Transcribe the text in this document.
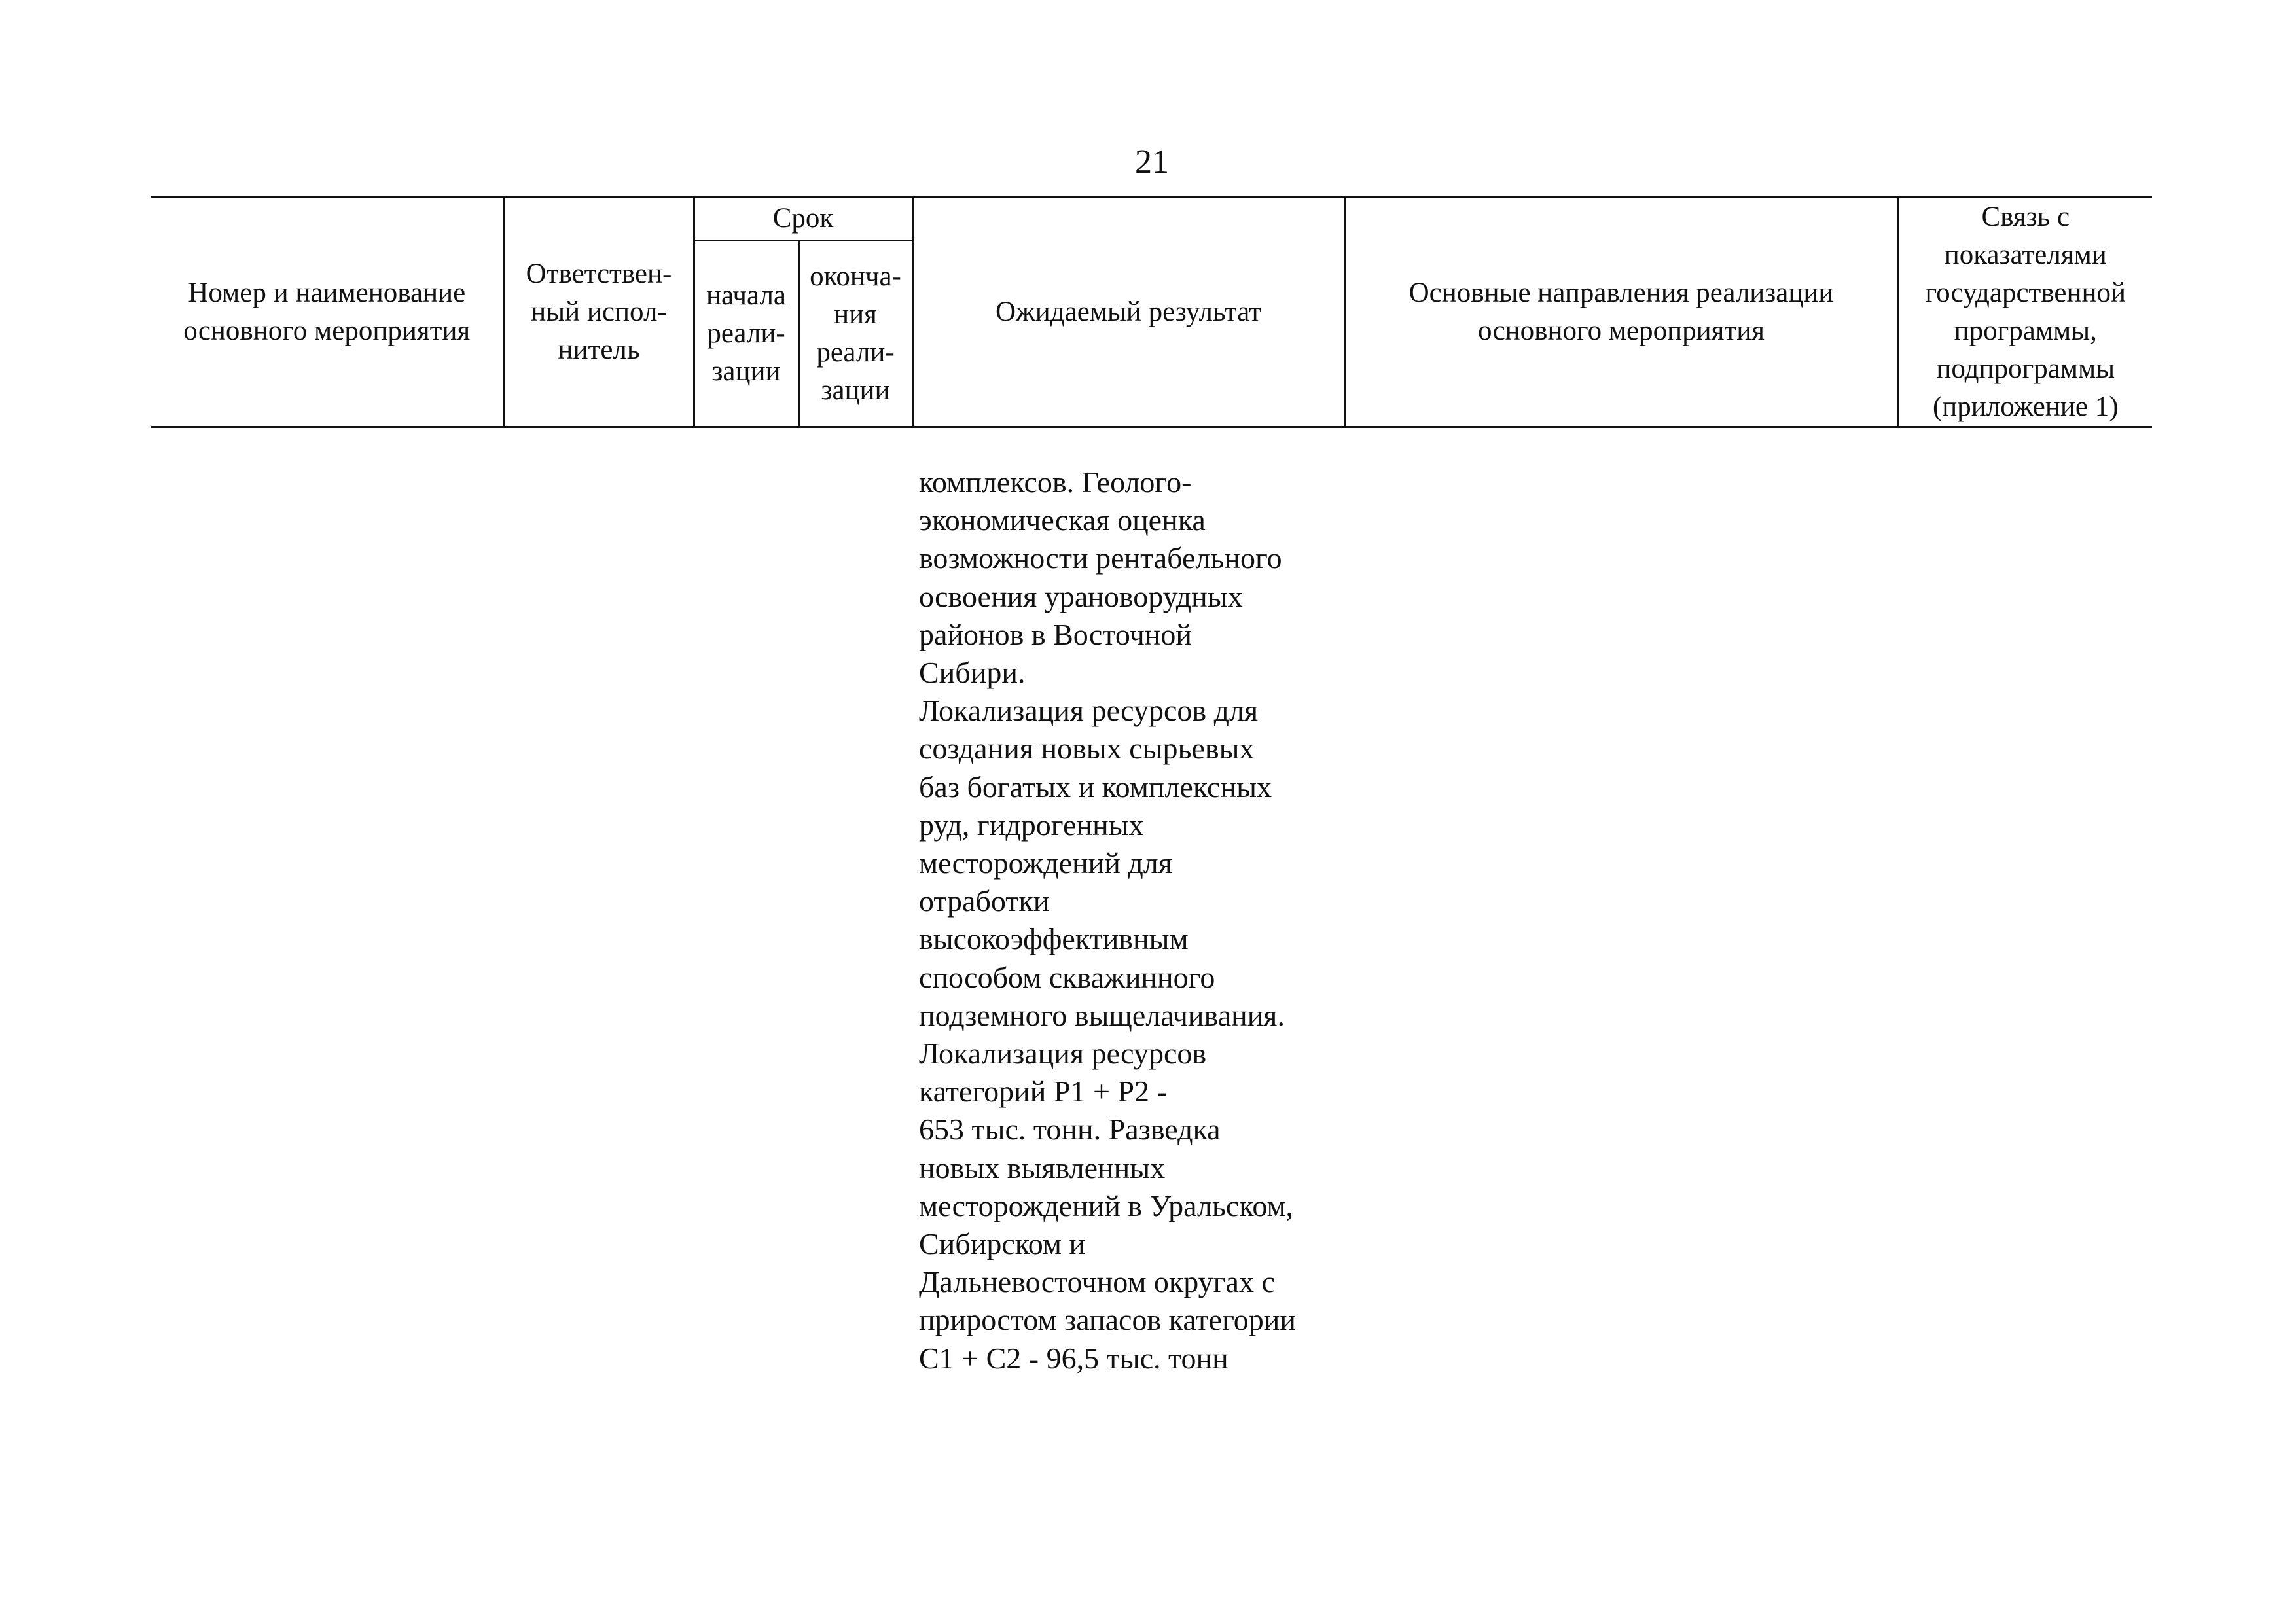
21
Номер и наименование основного мероприятия	Ответствен-ный испол-нитель	Срок		Ожидаемый результат	Основные направления реализации основного мероприятия	Связь с показателями государственной программы, подпрограммы (приложение 1)
		начала реали-зации	оконча-ния реали-зации			

комплексов. Геолого-
экономическая оценка
возможности рентабельного
освоения урановорудных
районов в Восточной
Сибири.
Локализация ресурсов для
создания новых сырьевых
баз богатых и комплексных
руд, гидрогенных
месторождений для
отработки
высокоэффективным
способом скважинного
подземного выщелачивания.
Локализация ресурсов
категорий Р1 + Р2 -
653 тыс. тонн. Разведка
новых выявленных
месторождений в Уральском,
Сибирском и
Дальневосточном округах с
приростом запасов категории
С1 + С2 - 96,5 тыс. тонн
